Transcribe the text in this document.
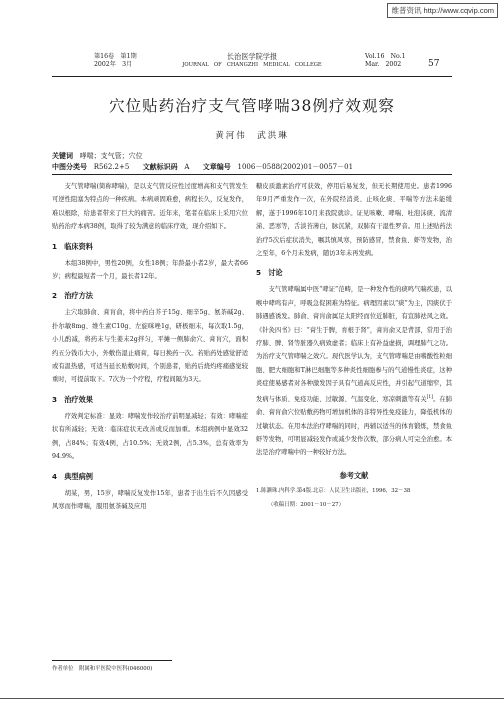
维普资讯 http://www.cqvip.com
第16卷　第1期
2002年　3月
长治医学院学报
JOURNAL　OF　CHANGZHI　MEDICAL　COLLEGE
Vol.16　No.1
Mar.　2002	57
穴位贴药治疗支气管哮喘38例疗效观察
黄河伟　武洪琳
关键词 哮喘；支气管；穴位
中图分类号 R562.2+5 文献标识码 A 文章编号 1006－0588(2002)01－0057－01

支气管哮喘(简称哮喘)，是以支气管反应性过度增高和支气管发生可逆性阻塞为特点的一种疾病。本病顽固难愈，病程长久，反复发作，难以根除，给患者带来了巨大的痛苦。近年来，笔者在临床上采用穴位贴药治疗本病38例，取得了较为满意的临床疗效，现介绍如下。

1　临床资料

本组38例中，男性20例，女性18例；年龄最小者2岁，最大者66岁；病程最短者一个月，最长者12年。

2　治疗方法

主穴取肺俞、膏肓俞，将中药白芥子15g、细辛5g、氨茶碱2g、扑尔敏8mg、维生素C10g、左旋咪唑1g，研极细末，每次取1.5g，小儿酌减，将药末与生姜末2g拌匀，平摊一侧肺俞穴、膏肓穴，面积约五分钱币大小，外敷伤湿止痛膏，每日换药一次。若贴药处感觉舒适或有温热感，可适当延长贴敷时间，个别患者，贴药后烧灼疼痛感觉较重时，可提前取下。7次为一个疗程，疗程间隔为3天。

3　治疗效果

疗效判定标准：显效：哮喘发作较治疗前明显减轻；有效：哮喘症状有所减轻；无效：临床症状无改善或反而加重。本组病例中显效32例，占84%；有效4例，占10.5%；无效2例，占5.3%，总有效率为94.9%。

4　典型病例

胡某，男，15岁，哮喘反复发作15年，患者于出生后不久因感受风寒而作哮喘，服用氨茶碱及应用

糖皮质激素治疗可获效，停用后易复发，但无长期使用史。患者1996年9月严重发作一次，在外院经消炎、止咳化痰、平喘等方法未能缓解，遂于1996年10月来我院就诊。证见咳嗽、哮喘、吐泡沫痰、流清涕、恶寒等，舌淡苔薄白，脉沉紧，双肺有干湿性罗音。用上述贴药法治疗5次后症状消失，嘱其慎风寒，预防感冒，禁食鱼、虾等发物，治之至年，6个月未发病，随访3年未再发病。

5　讨论

支气管哮喘属中医“哮证”范畴，是一种发作性的痰鸣气喘疾患，以喉中哮鸣有声，呼吸急促困难为特征。病理因素以“痰”为主，因痰伏于肺遇感诱发。肺俞、膏肓俞属足太阳经而位近肺脏，有宣肺祛风之效。《针灸四书》曰：“膏生于脾，育根于肾”，膏肓俞又是背部，常用于治疗肺、脾、肾等脏器久病致虚者；临床上有补益虚损，调理肺气之功。为治疗支气管哮喘之效穴。现代医学认为，支气管哮喘是由嗜酸性粒细胞、肥大细胞和T淋巴细胞等多种炎性细胞参与的气道慢性炎症，这种炎症使易感者对各种激发因子具有气道高反应性，并引起气道缩窄，其发病与体质、免疫功能、过敏源、气温变化、寒凉刺激等有关[1]。在肺俞、膏肓俞穴位贴敷药物可增加机体的非特异性免疫能力，降低机体的过敏状态。在用本法治疗哮喘的同时，再辅以适当的体育锻炼，禁食鱼虾等发物，可明显减轻发作或减少发作次数，部分病人可完全治愈。本法是治疗哮喘中的一种较好方法。

参考文献
1.陈灏珠.内科学.第4版.北京：人民卫生出版社，1996，32－38
（收稿日期：2001－10－27）
作者单位　附属和平医院中医科(046000)
